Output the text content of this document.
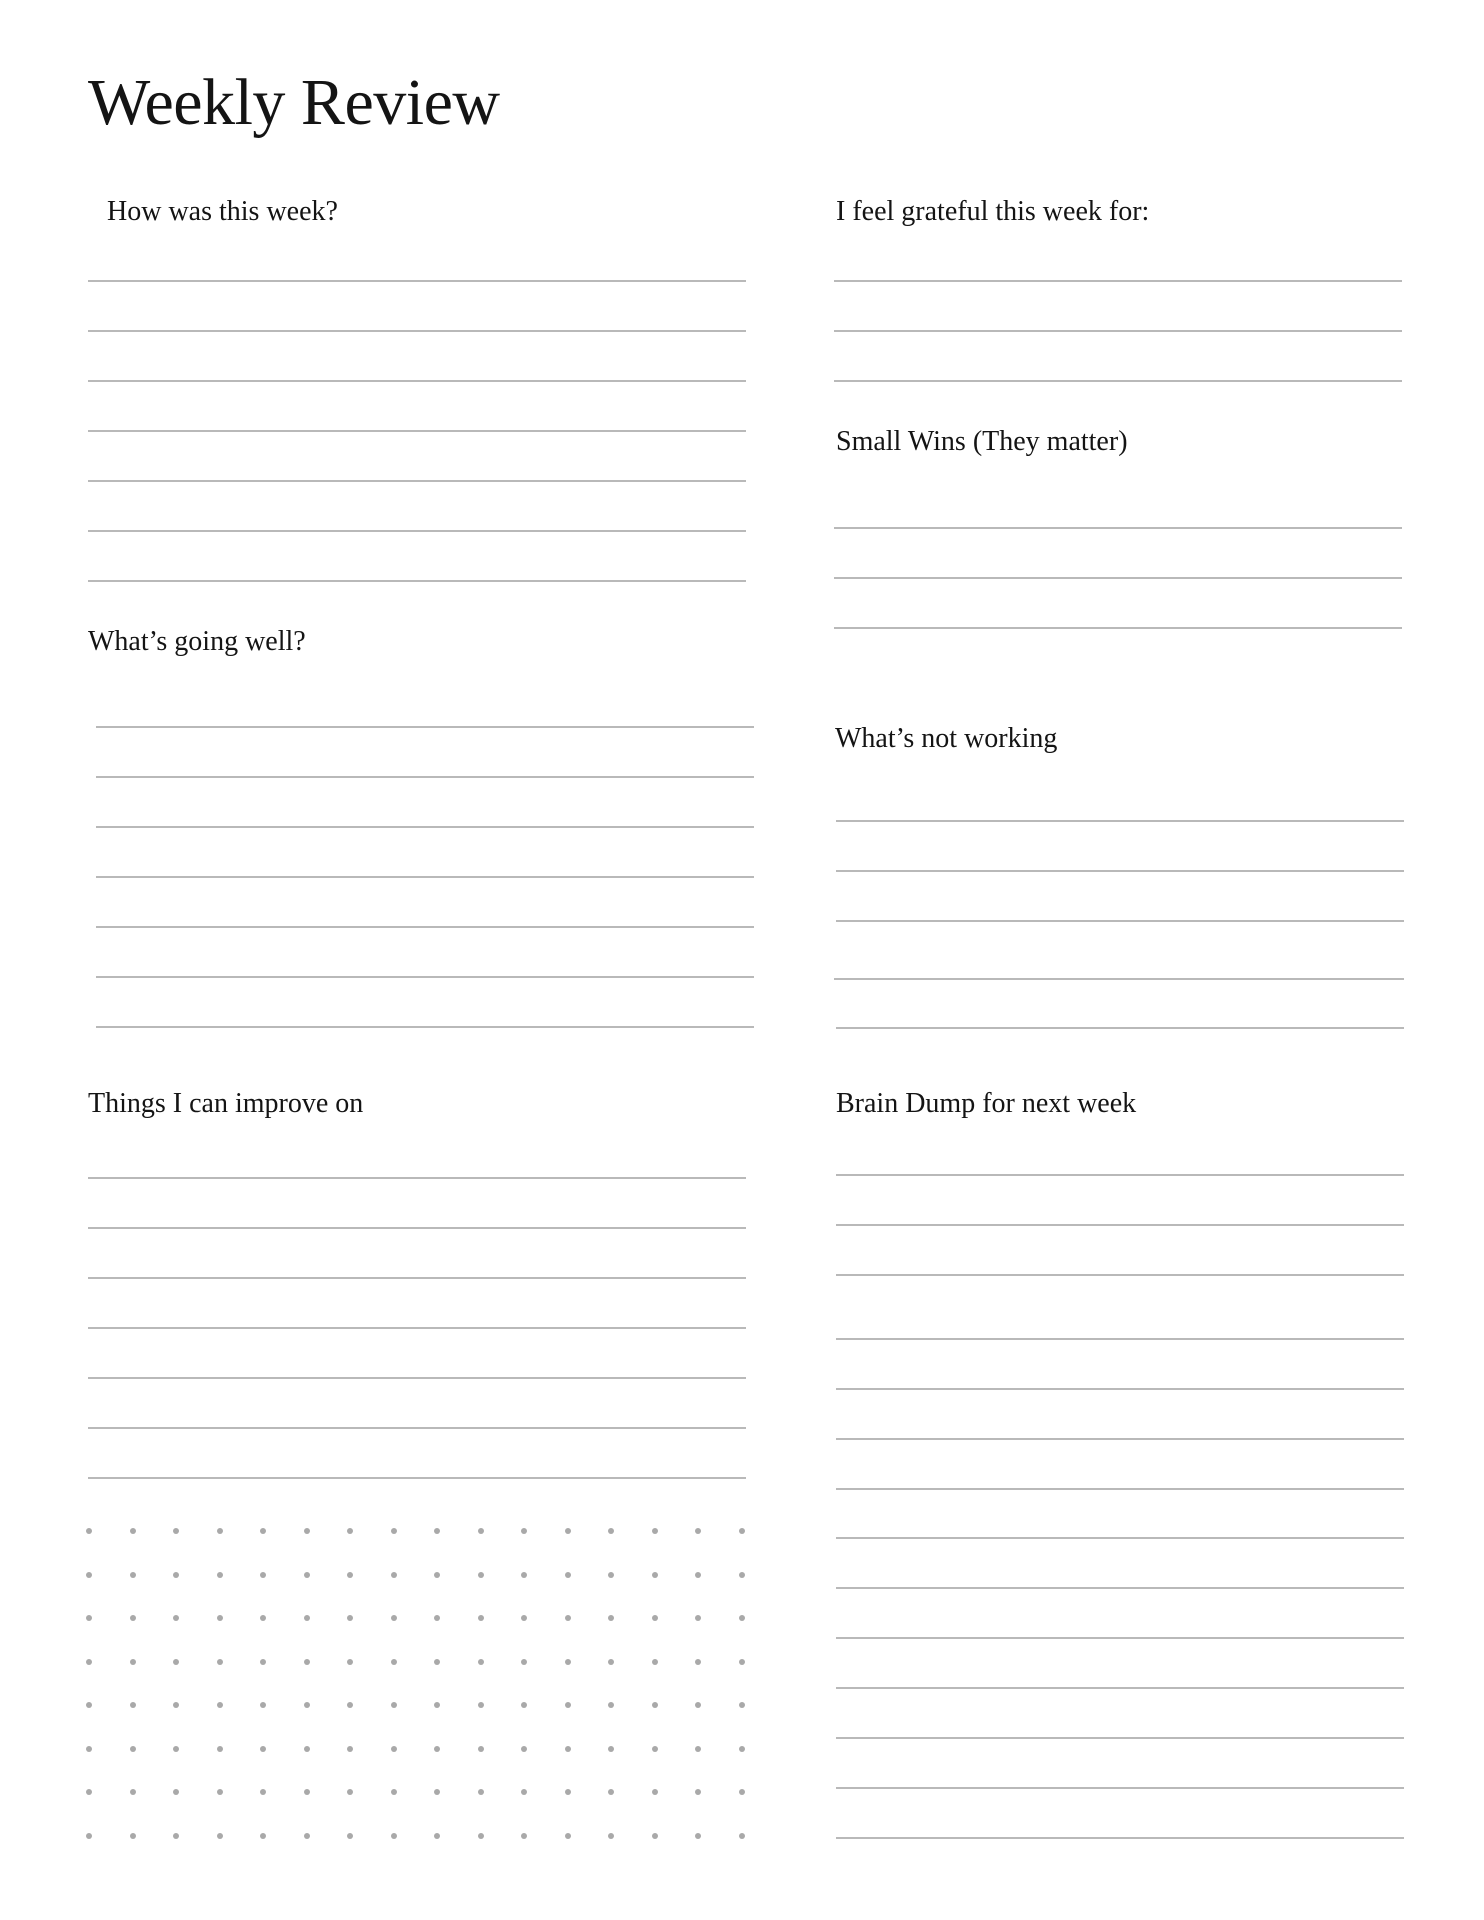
Weekly Review
How was this week?
What’s going well?
Things I can improve on
I feel grateful this week for:
Small Wins (They matter)
What’s not working
Brain Dump for next week
